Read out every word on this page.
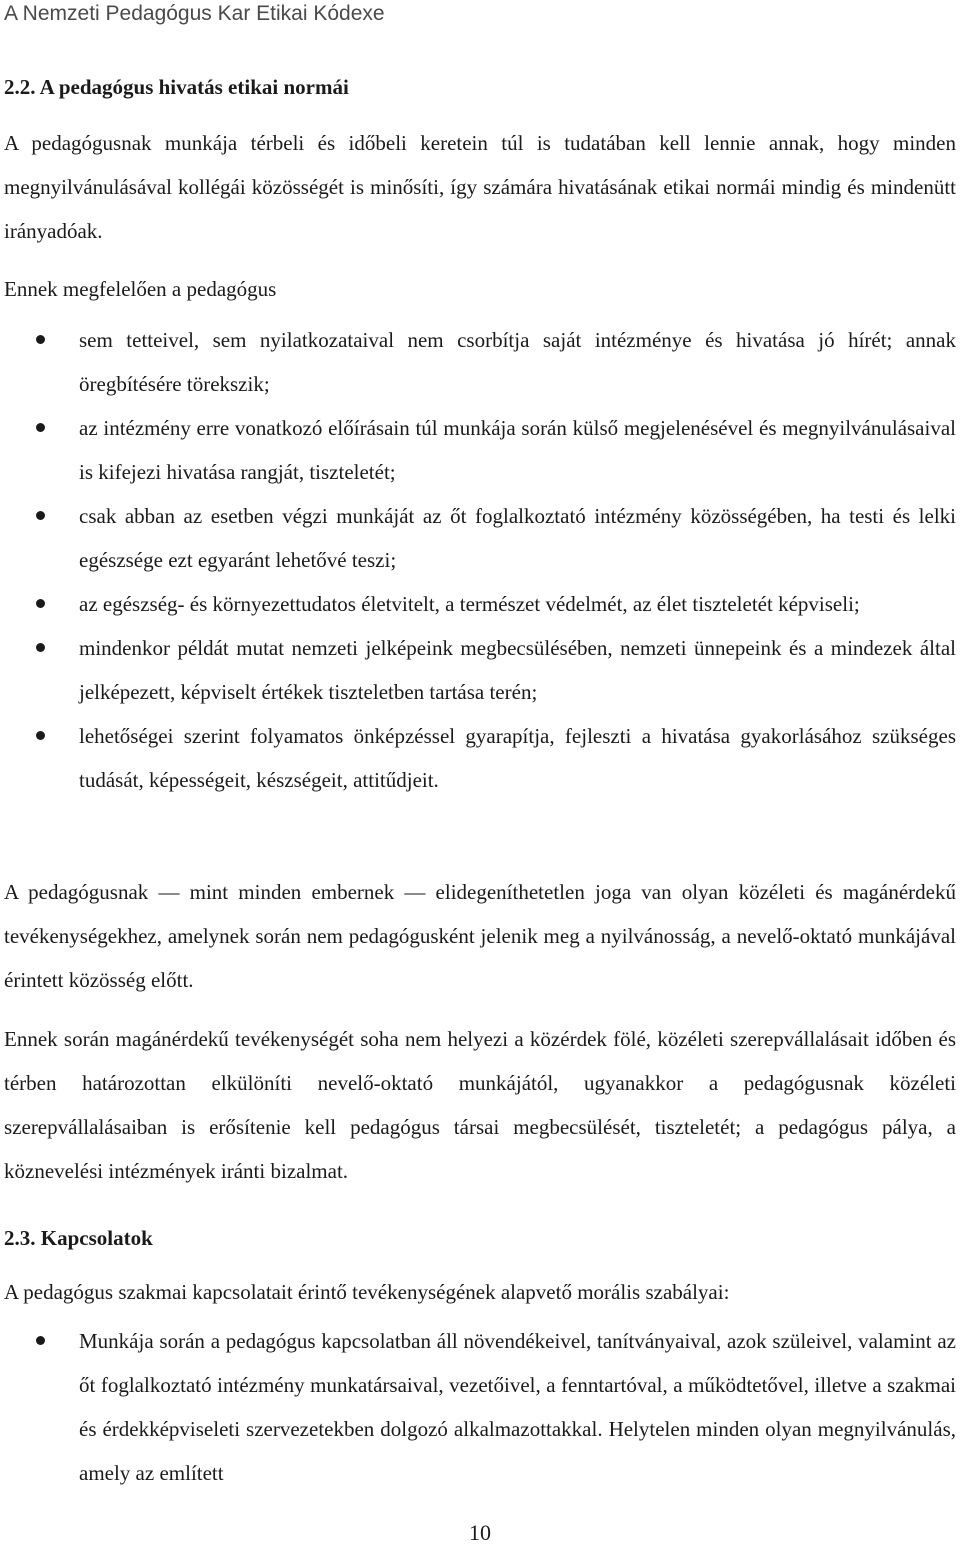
A Nemzeti Pedagógus Kar Etikai Kódexe
2.2. A pedagógus hivatás etikai normái

A pedagógusnak munkája térbeli és időbeli keretein túl is tudatában kell lennie annak, hogy minden megnyilvánulásával kollégái közösségét is minősíti, így számára hivatásának etikai normái mindig és mindenütt irányadóak.

Ennek megfelelően a pedagógus

sem tetteivel, sem nyilatkozataival nem csorbítja saját intézménye és hivatása jó hírét; annak öregbítésére törekszik;
az intézmény erre vonatkozó előírásain túl munkája során külső megjelenésével és megnyilvánulásaival is kifejezi hivatása rangját, tiszteletét;
csak abban az esetben végzi munkáját az őt foglalkoztató intézmény közösségében, ha testi és lelki egészsége ezt egyaránt lehetővé teszi;
az egészség- és környezettudatos életvitelt, a természet védelmét, az élet tiszteletét képviseli;
mindenkor példát mutat nemzeti jelképeink megbecsülésében, nemzeti ünnepeink és a mindezek által jelképezett, képviselt értékek tiszteletben tartása terén;
lehetőségei szerint folyamatos önképzéssel gyarapítja, fejleszti a hivatása gyakorlásához szükséges tudását, képességeit, készségeit, attitűdjeit.

A pedagógusnak — mint minden embernek — elidegeníthetetlen joga van olyan közéleti és magánérdekű tevékenységekhez, amelynek során nem pedagógusként jelenik meg a nyilvánosság, a nevelő-oktató munkájával érintett közösség előtt.

Ennek során magánérdekű tevékenységét soha nem helyezi a közérdek fölé, közéleti szerepvállalásait időben és térben határozottan elkülöníti nevelő-oktató munkájától, ugyanakkor a pedagógusnak közéleti szerepvállalásaiban is erősítenie kell pedagógus társai megbecsülését, tiszteletét; a pedagógus pálya, a köznevelési intézmények iránti bizalmat.

2.3. Kapcsolatok

A pedagógus szakmai kapcsolatait érintő tevékenységének alapvető morális szabályai:

Munkája során a pedagógus kapcsolatban áll növendékeivel, tanítványaival, azok szüleivel, valamint az őt foglalkoztató intézmény munkatársaival, vezetőivel, a fenntartóval, a működtetővel, illetve a szakmai és érdekképviseleti szervezetekben dolgozó alkalmazottakkal. Helytelen minden olyan megnyilvánulás, amely az említett
10
